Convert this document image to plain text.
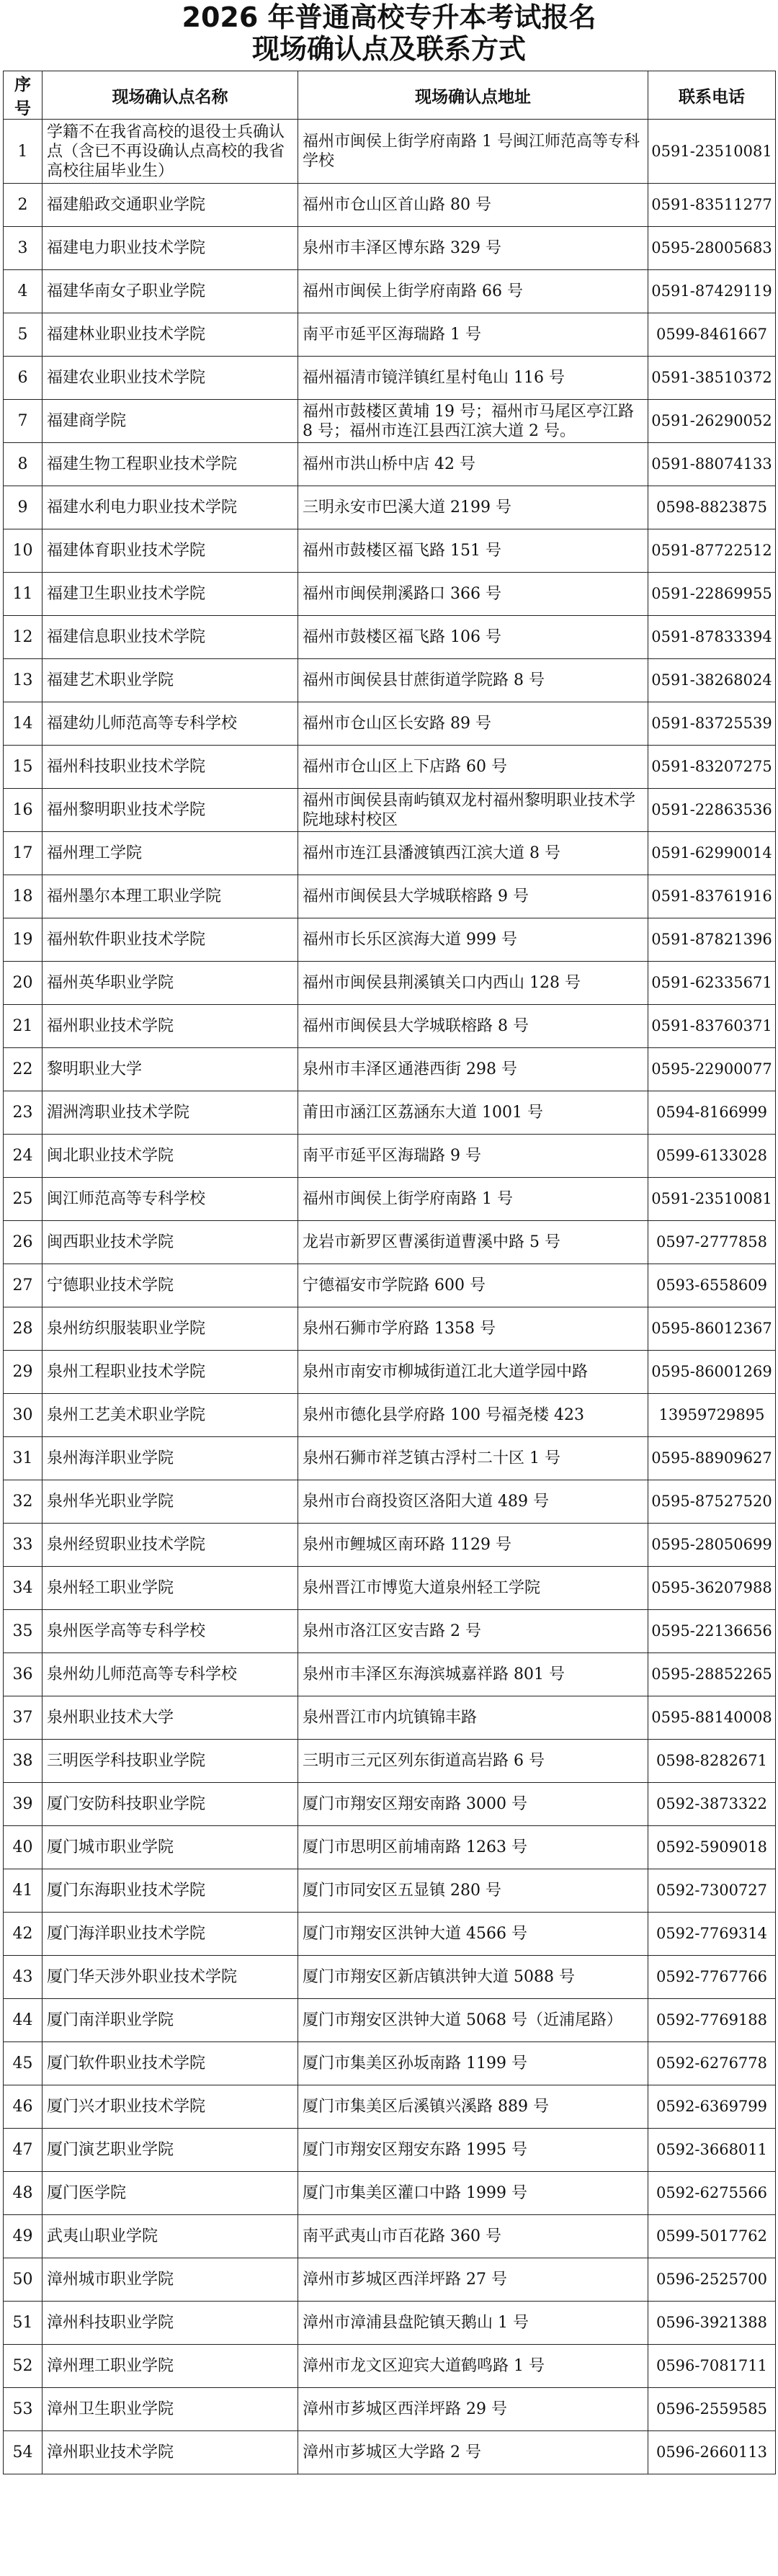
2026 年普通高校专升本考试报名
现场确认点及联系方式
序号	现场确认点名称	现场确认点地址	联系电话
1	学籍不在我省高校的退役士兵确认点（含已不再设确认点高校的我省高校往届毕业生）	福州市闽侯上街学府南路 1 号闽江师范高等专科学校	0591-23510081
2	福建船政交通职业学院	福州市仓山区首山路 80 号	0591-83511277
3	福建电力职业技术学院	泉州市丰泽区博东路 329 号	0595-28005683
4	福建华南女子职业学院	福州市闽侯上街学府南路 66 号	0591-87429119
5	福建林业职业技术学院	南平市延平区海瑞路 1 号	0599-8461667
6	福建农业职业技术学院	福州福清市镜洋镇红星村龟山 116 号	0591-38510372
7	福建商学院	福州市鼓楼区黄埔 19 号；福州市马尾区亭江路 8 号；福州市连江县西江滨大道 2 号。	0591-26290052
8	福建生物工程职业技术学院	福州市洪山桥中店 42 号	0591-88074133
9	福建水利电力职业技术学院	三明永安市巴溪大道 2199 号	0598-8823875
10	福建体育职业技术学院	福州市鼓楼区福飞路 151 号	0591-87722512
11	福建卫生职业技术学院	福州市闽侯荆溪路口 366 号	0591-22869955
12	福建信息职业技术学院	福州市鼓楼区福飞路 106 号	0591-87833394
13	福建艺术职业学院	福州市闽侯县甘蔗街道学院路 8 号	0591-38268024
14	福建幼儿师范高等专科学校	福州市仓山区长安路 89 号	0591-83725539
15	福州科技职业技术学院	福州市仓山区上下店路 60 号	0591-83207275
16	福州黎明职业技术学院	福州市闽侯县南屿镇双龙村福州黎明职业技术学院地球村校区	0591-22863536
17	福州理工学院	福州市连江县潘渡镇西江滨大道 8 号	0591-62990014
18	福州墨尔本理工职业学院	福州市闽侯县大学城联榕路 9 号	0591-83761916
19	福州软件职业技术学院	福州市长乐区滨海大道 999 号	0591-87821396
20	福州英华职业学院	福州市闽侯县荆溪镇关口内西山 128 号	0591-62335671
21	福州职业技术学院	福州市闽侯县大学城联榕路 8 号	0591-83760371
22	黎明职业大学	泉州市丰泽区通港西街 298 号	0595-22900077
23	湄洲湾职业技术学院	莆田市涵江区荔涵东大道 1001 号	0594-8166999
24	闽北职业技术学院	南平市延平区海瑞路 9 号	0599-6133028
25	闽江师范高等专科学校	福州市闽侯上街学府南路 1 号	0591-23510081
26	闽西职业技术学院	龙岩市新罗区曹溪街道曹溪中路 5 号	0597-2777858
27	宁德职业技术学院	宁德福安市学院路 600 号	0593-6558609
28	泉州纺织服装职业学院	泉州石狮市学府路 1358 号	0595-86012367
29	泉州工程职业技术学院	泉州市南安市柳城街道江北大道学园中路	0595-86001269
30	泉州工艺美术职业学院	泉州市德化县学府路 100 号福尧楼 423	13959729895
31	泉州海洋职业学院	泉州石狮市祥芝镇古浮村二十区 1 号	0595-88909627
32	泉州华光职业学院	泉州市台商投资区洛阳大道 489 号	0595-87527520
33	泉州经贸职业技术学院	泉州市鲤城区南环路 1129 号	0595-28050699
34	泉州轻工职业学院	泉州晋江市博览大道泉州轻工学院	0595-36207988
35	泉州医学高等专科学校	泉州市洛江区安吉路 2 号	0595-22136656
36	泉州幼儿师范高等专科学校	泉州市丰泽区东海滨城嘉祥路 801 号	0595-28852265
37	泉州职业技术大学	泉州晋江市内坑镇锦丰路	0595-88140008
38	三明医学科技职业学院	三明市三元区列东街道高岩路 6 号	0598-8282671
39	厦门安防科技职业学院	厦门市翔安区翔安南路 3000 号	0592-3873322
40	厦门城市职业学院	厦门市思明区前埔南路 1263 号	0592-5909018
41	厦门东海职业技术学院	厦门市同安区五显镇 280 号	0592-7300727
42	厦门海洋职业技术学院	厦门市翔安区洪钟大道 4566 号	0592-7769314
43	厦门华天涉外职业技术学院	厦门市翔安区新店镇洪钟大道 5088 号	0592-7767766
44	厦门南洋职业学院	厦门市翔安区洪钟大道 5068 号（近浦尾路）	0592-7769188
45	厦门软件职业技术学院	厦门市集美区孙坂南路 1199 号	0592-6276778
46	厦门兴才职业技术学院	厦门市集美区后溪镇兴溪路 889 号	0592-6369799
47	厦门演艺职业学院	厦门市翔安区翔安东路 1995 号	0592-3668011
48	厦门医学院	厦门市集美区灌口中路 1999 号	0592-6275566
49	武夷山职业学院	南平武夷山市百花路 360 号	0599-5017762
50	漳州城市职业学院	漳州市芗城区西洋坪路 27 号	0596-2525700
51	漳州科技职业学院	漳州市漳浦县盘陀镇天鹅山 1 号	0596-3921388
52	漳州理工职业学院	漳州市龙文区迎宾大道鹤鸣路 1 号	0596-7081711
53	漳州卫生职业学院	漳州市芗城区西洋坪路 29 号	0596-2559585
54	漳州职业技术学院	漳州市芗城区大学路 2 号	0596-2660113
